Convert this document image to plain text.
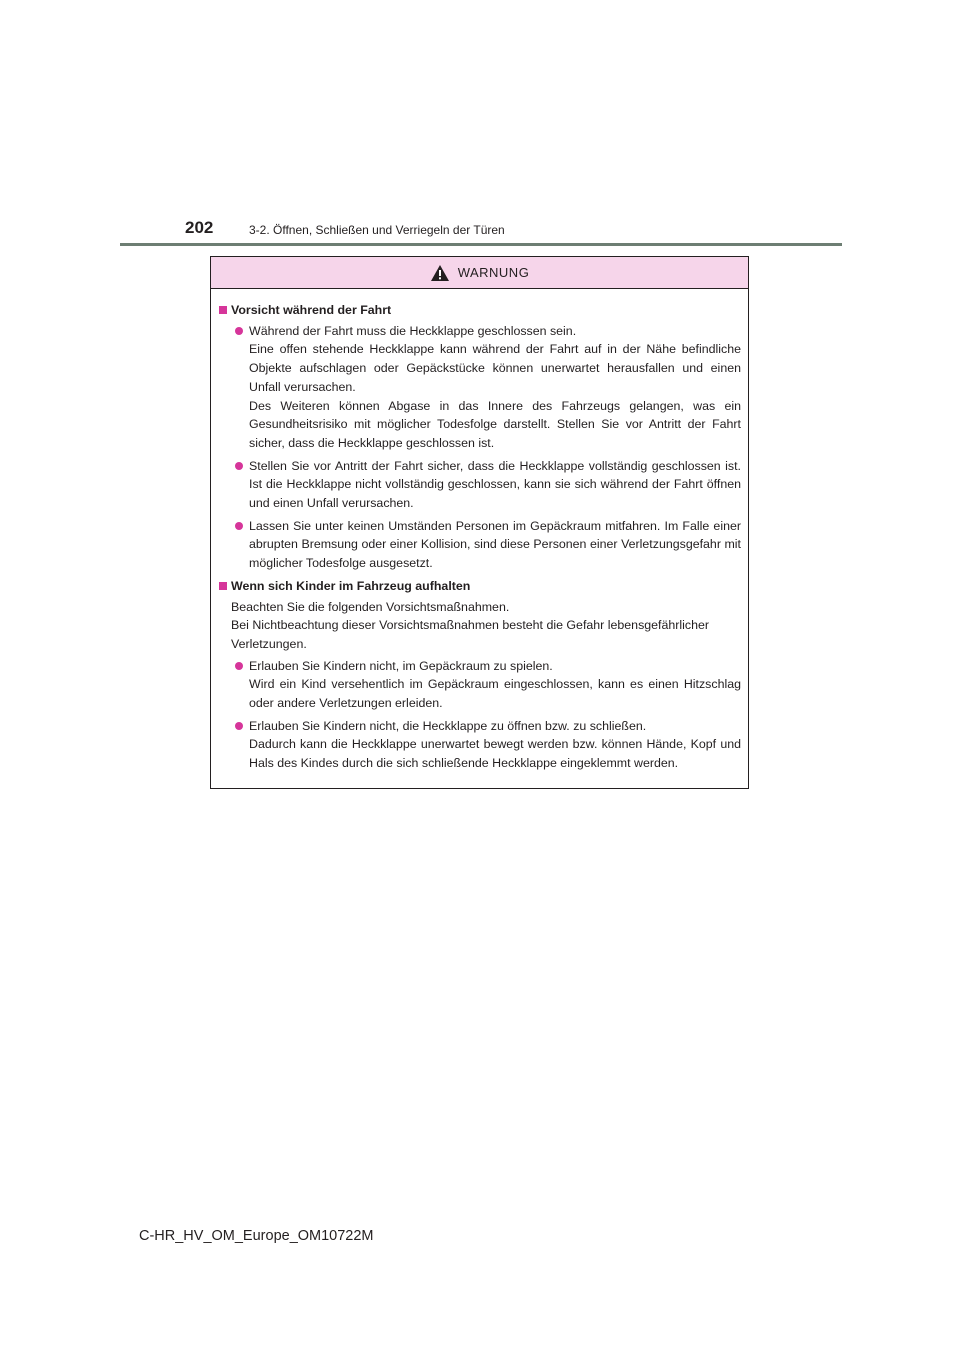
202	3-2. Öffnen, Schließen und Verriegeln der Türen
WARNUNG
Vorsicht während der Fahrt

Während der Fahrt muss die Heckklappe geschlossen sein.

Eine offen stehende Heckklappe kann während der Fahrt auf in der Nähe befindliche Objekte aufschlagen oder Gepäckstücke können unerwartet herausfallen und einen Unfall verursachen.

Des Weiteren können Abgase in das Innere des Fahrzeugs gelangen, was ein Gesundheitsrisiko mit möglicher Todesfolge darstellt. Stellen Sie vor Antritt der Fahrt sicher, dass die Heckklappe geschlossen ist.

Stellen Sie vor Antritt der Fahrt sicher, dass die Heckklappe vollständig geschlossen ist. Ist die Heckklappe nicht vollständig geschlossen, kann sie sich während der Fahrt öffnen und einen Unfall verursachen.

Lassen Sie unter keinen Umständen Personen im Gepäckraum mitfahren. Im Falle einer abrupten Bremsung oder einer Kollision, sind diese Personen einer Verletzungsgefahr mit möglicher Todesfolge ausgesetzt.

Wenn sich Kinder im Fahrzeug aufhalten

Beachten Sie die folgenden Vorsichtsmaßnahmen.

Bei Nichtbeachtung dieser Vorsichtsmaßnahmen besteht die Gefahr lebensgefährlicher Verletzungen.

Erlauben Sie Kindern nicht, im Gepäckraum zu spielen.

Wird ein Kind versehentlich im Gepäckraum eingeschlossen, kann es einen Hitzschlag oder andere Verletzungen erleiden.

Erlauben Sie Kindern nicht, die Heckklappe zu öffnen bzw. zu schließen.

Dadurch kann die Heckklappe unerwartet bewegt werden bzw. können Hände, Kopf und Hals des Kindes durch die sich schließende Heckklappe eingeklemmt werden.

C-HR_HV_OM_Europe_OM10722M
